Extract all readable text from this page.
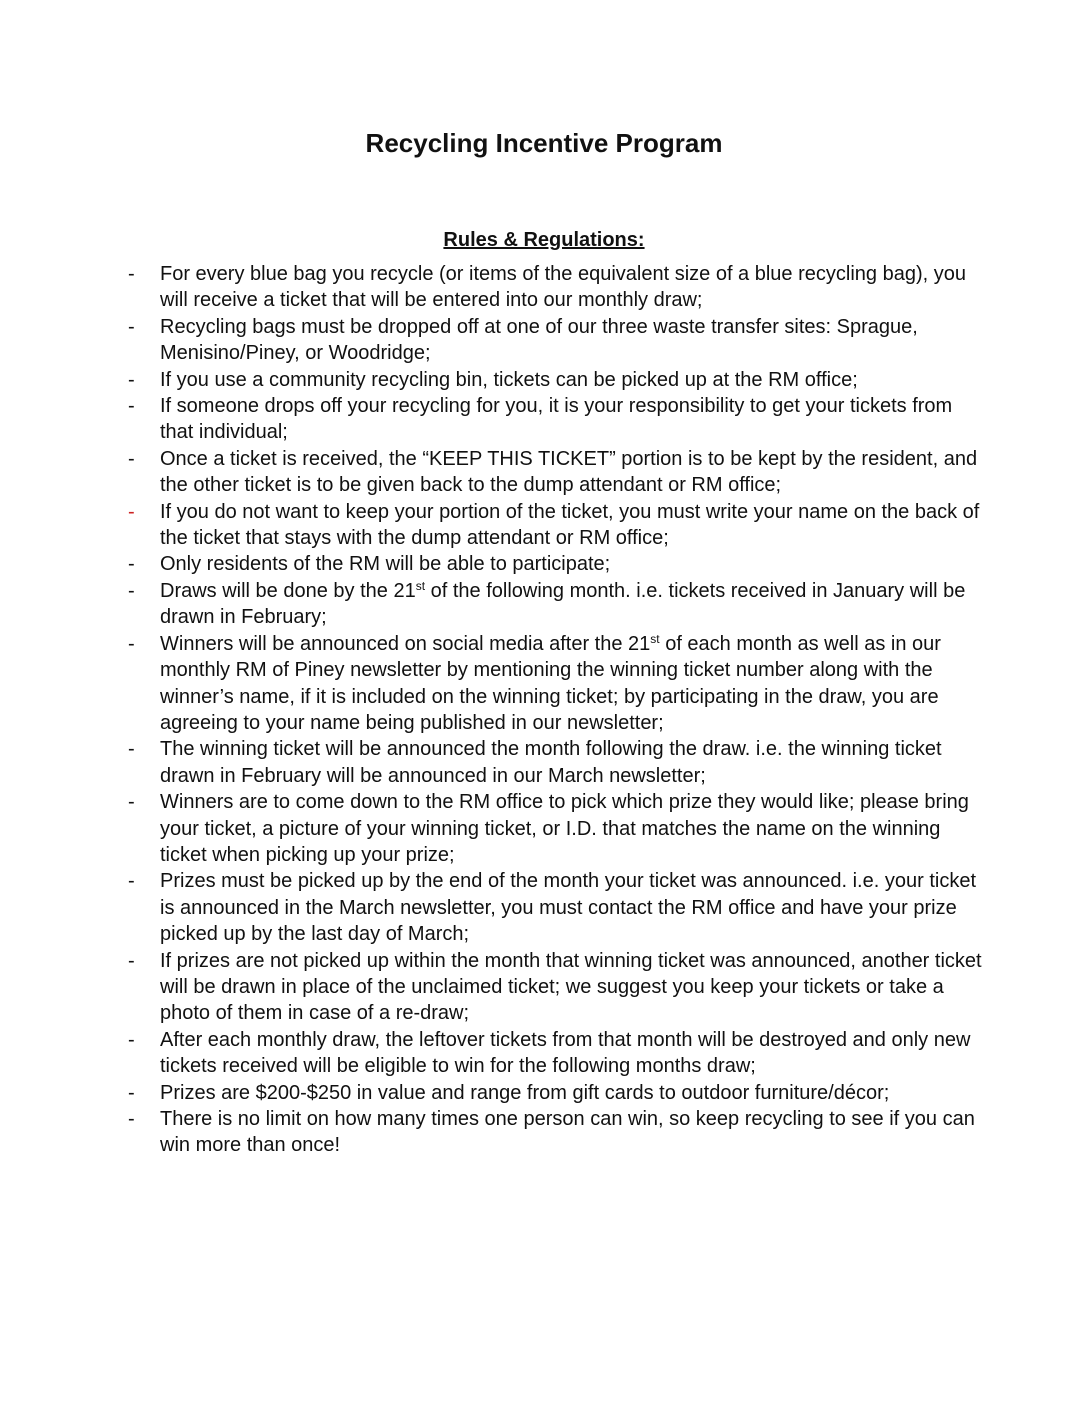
Recycling Incentive Program
Rules & Regulations:
- For every blue bag you recycle (or items of the equivalent size of a blue recycling bag), you will receive a ticket that will be entered into our monthly draw;
- Recycling bags must be dropped off at one of our three waste transfer sites: Sprague, Menisino/Piney, or Woodridge;
- If you use a community recycling bin, tickets can be picked up at the RM office;
- If someone drops off your recycling for you, it is your responsibility to get your tickets from that individual;
- Once a ticket is received, the “KEEP THIS TICKET” portion is to be kept by the resident, and the other ticket is to be given back to the dump attendant or RM office;
- If you do not want to keep your portion of the ticket, you must write your name on the back of the ticket that stays with the dump attendant or RM office;
- Only residents of the RM will be able to participate;
- Draws will be done by the 21st of the following month. i.e. tickets received in January will be drawn in February;
- Winners will be announced on social media after the 21st of each month as well as in our monthly RM of Piney newsletter by mentioning the winning ticket number along with the winner’s name, if it is included on the winning ticket; by participating in the draw, you are agreeing to your name being published in our newsletter;
- The winning ticket will be announced the month following the draw. i.e. the winning ticket drawn in February will be announced in our March newsletter;
- Winners are to come down to the RM office to pick which prize they would like; please bring your ticket, a picture of your winning ticket, or I.D. that matches the name on the winning ticket when picking up your prize;
- Prizes must be picked up by the end of the month your ticket was announced. i.e. your ticket is announced in the March newsletter, you must contact the RM office and have your prize picked up by the last day of March;
- If prizes are not picked up within the month that winning ticket was announced, another ticket will be drawn in place of the unclaimed ticket; we suggest you keep your tickets or take a photo of them in case of a re-draw;
- After each monthly draw, the leftover tickets from that month will be destroyed and only new tickets received will be eligible to win for the following months draw;
- Prizes are $200-$250 in value and range from gift cards to outdoor furniture/décor;
- There is no limit on how many times one person can win, so keep recycling to see if you can win more than once!
